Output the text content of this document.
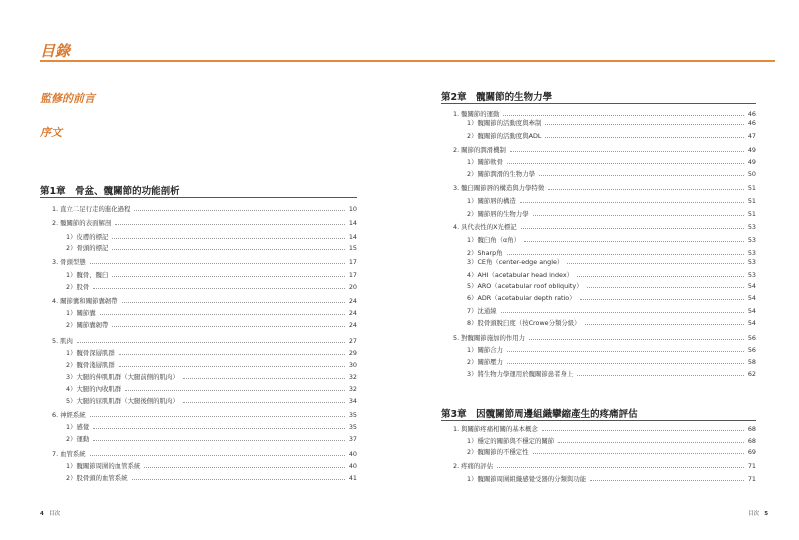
目錄
監修的前言
序文
第1章　骨盆、髖關節的功能剖析
1. 直立二足行走的進化過程	10
2. 髖關節的表面解剖	14
1）皮膚的標記	14
2）骨頭的標記	15
3. 骨頭型態	17
1）髖骨、髖臼	17
2）股骨	20
4. 關節囊和關節囊韌帶	24
1）關節囊	24
2）關節囊韌帶	24
5. 肌肉	27
1）髖骨深層肌群	29
2）髖骨淺層肌群	30
3）大腿的伸肌肌群（大腿前側的肌肉）	32
4）大腿的內收肌群	32
5）大腿的屈肌肌群（大腿後側的肌肉）	34
6. 神經系統	35
1）感覺	35
2）運動	37
7. 血管系統	40
1）髖關節周圍的血管系統	40
2）股骨頭的血管系統	41
第2章　髖關節的生物力學
1. 髖關節的運動	46
1）髖關節的活動度與牽制	46
2）髖關節的活動度與ADL	47
2. 關節的潤滑機制	49
1）關節軟骨	49
2）關節潤滑的生物力學	50
3. 髖臼關節唇的構造與力學特徵	51
1）關節唇的構造	51
2）關節唇的生物力學	51
4. 具代表性的X光標記	53
1）髖臼角（α角）	53
2）Sharp角	53
3）CE角（center-edge angle）	53
4）AHI（acetabular head index）	53
5）ARO（acetabular roof obliquity）	54
6）ADR（acetabular depth ratio）	54
7）沈通線	54
8）股骨頭脫臼度（按Crowe分類分級）	54
5. 對髖關節施加的作用力	56
1）關節合力	56
2）關節壓力	58
3）將生物力學運用於髖關節患者身上	62
第3章　因髖關節周邊組織攣縮產生的疼痛評估
1. 與關節疼痛相關的基本概念	68
1）穩定的關節與不穩定的關節	68
2）髖關節的不穩定性	69
2. 疼痛的評估	71
1）髖關節周圍組織感覺受器的分類與功能	71
4 目次	目次 5
